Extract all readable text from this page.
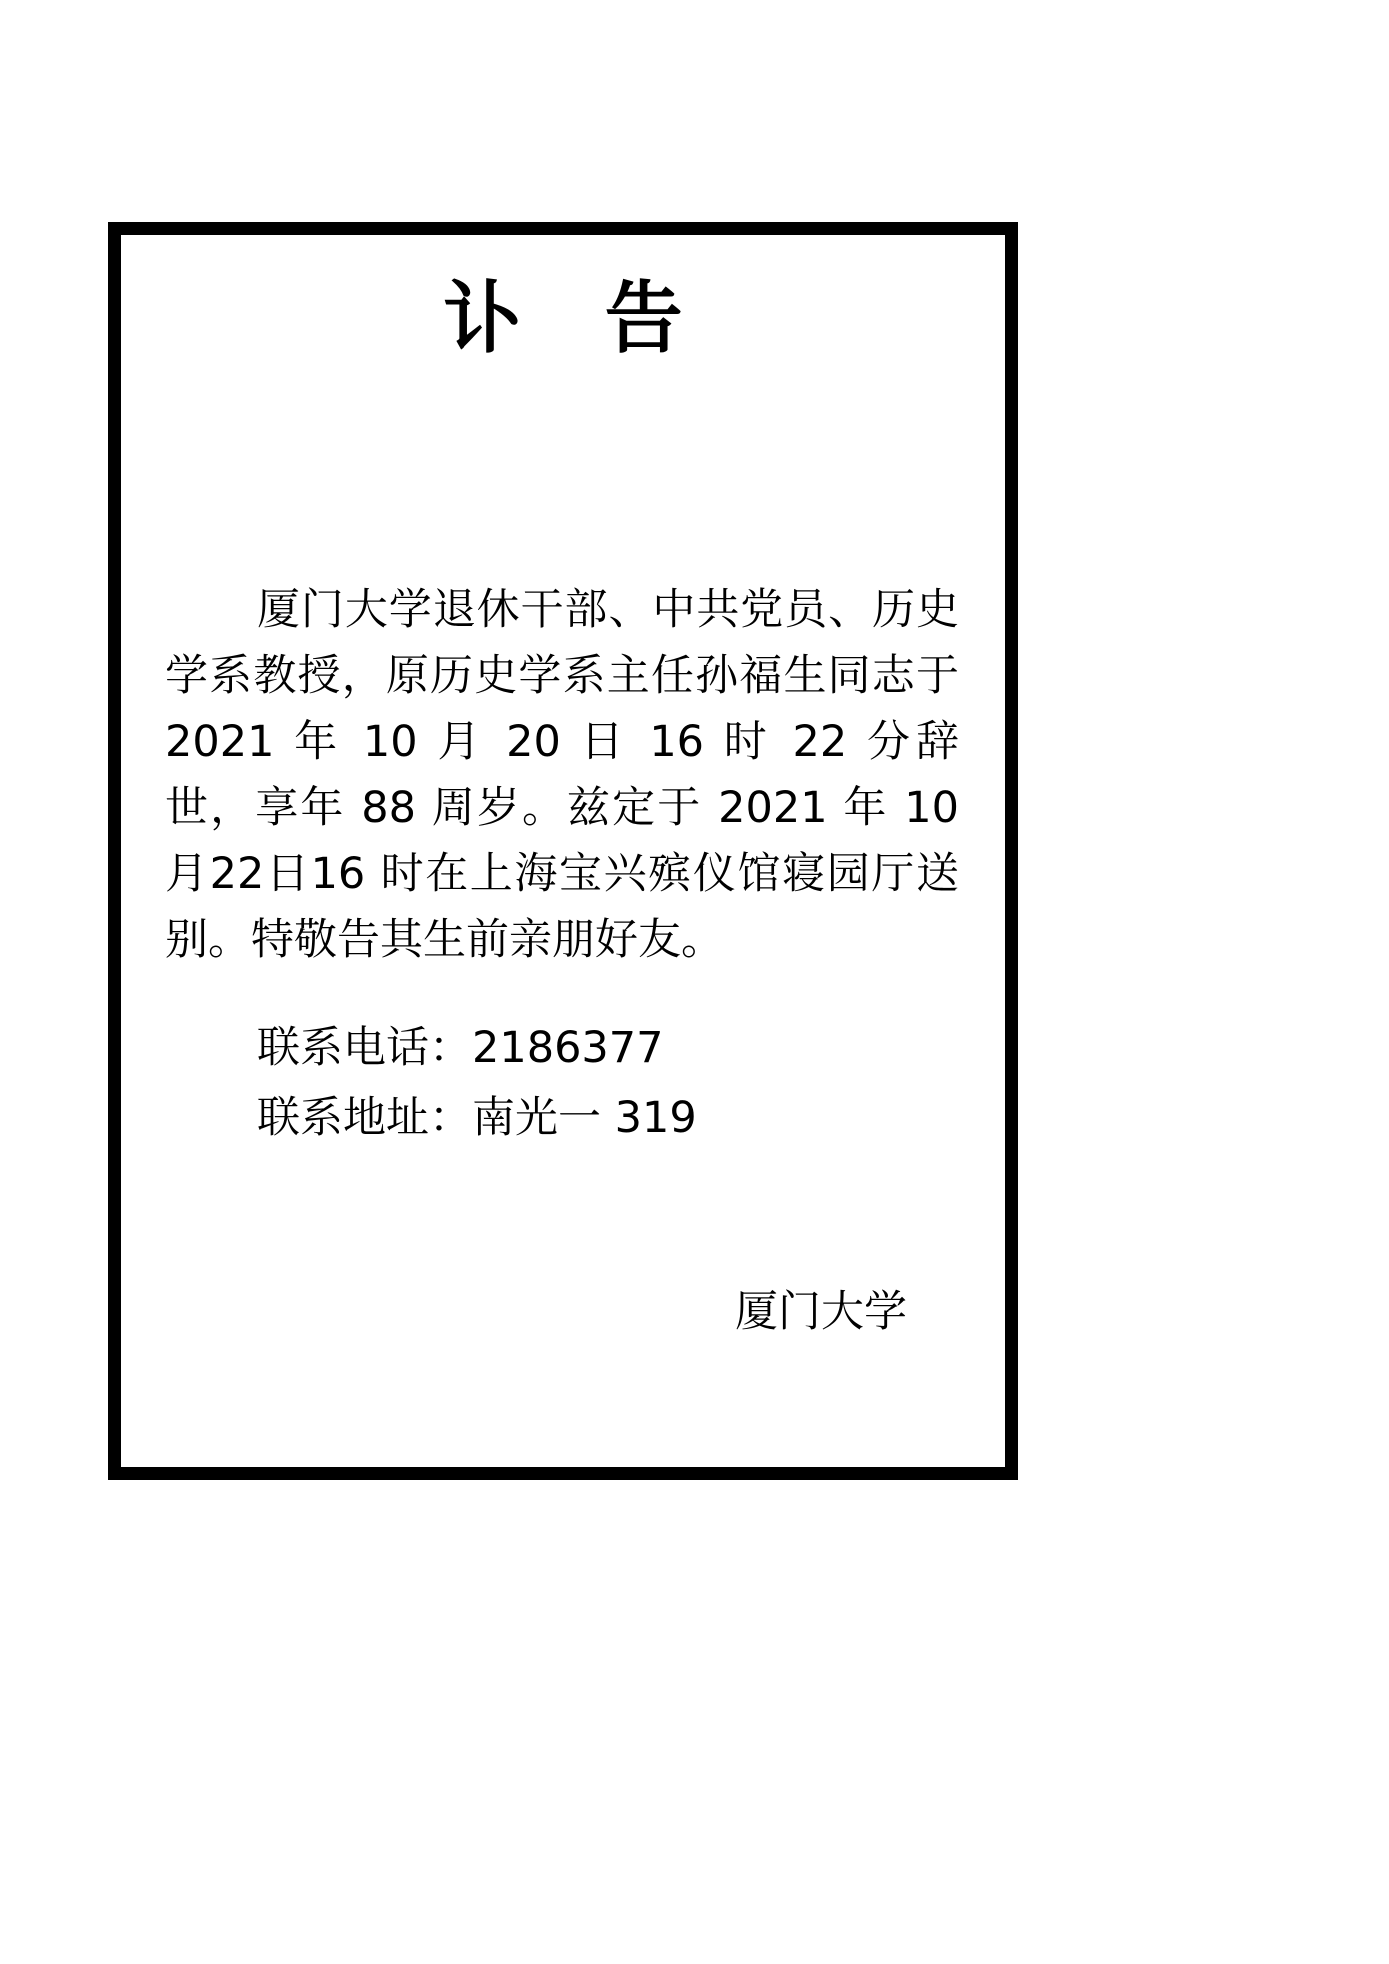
讣 告

厦门大学退休干部、中共党员、历史学系教授，原历史学系主任孙福生同志于2021 年 10 月 20 日 16 时 22 分辞世，享年 88 周岁。兹定于 2021 年 10 月22日16 时在上海宝兴殡仪馆寝园厅送别。特敬告其生前亲朋好友。

联系电话：2186377
联系地址：南光一 319
厦门大学
